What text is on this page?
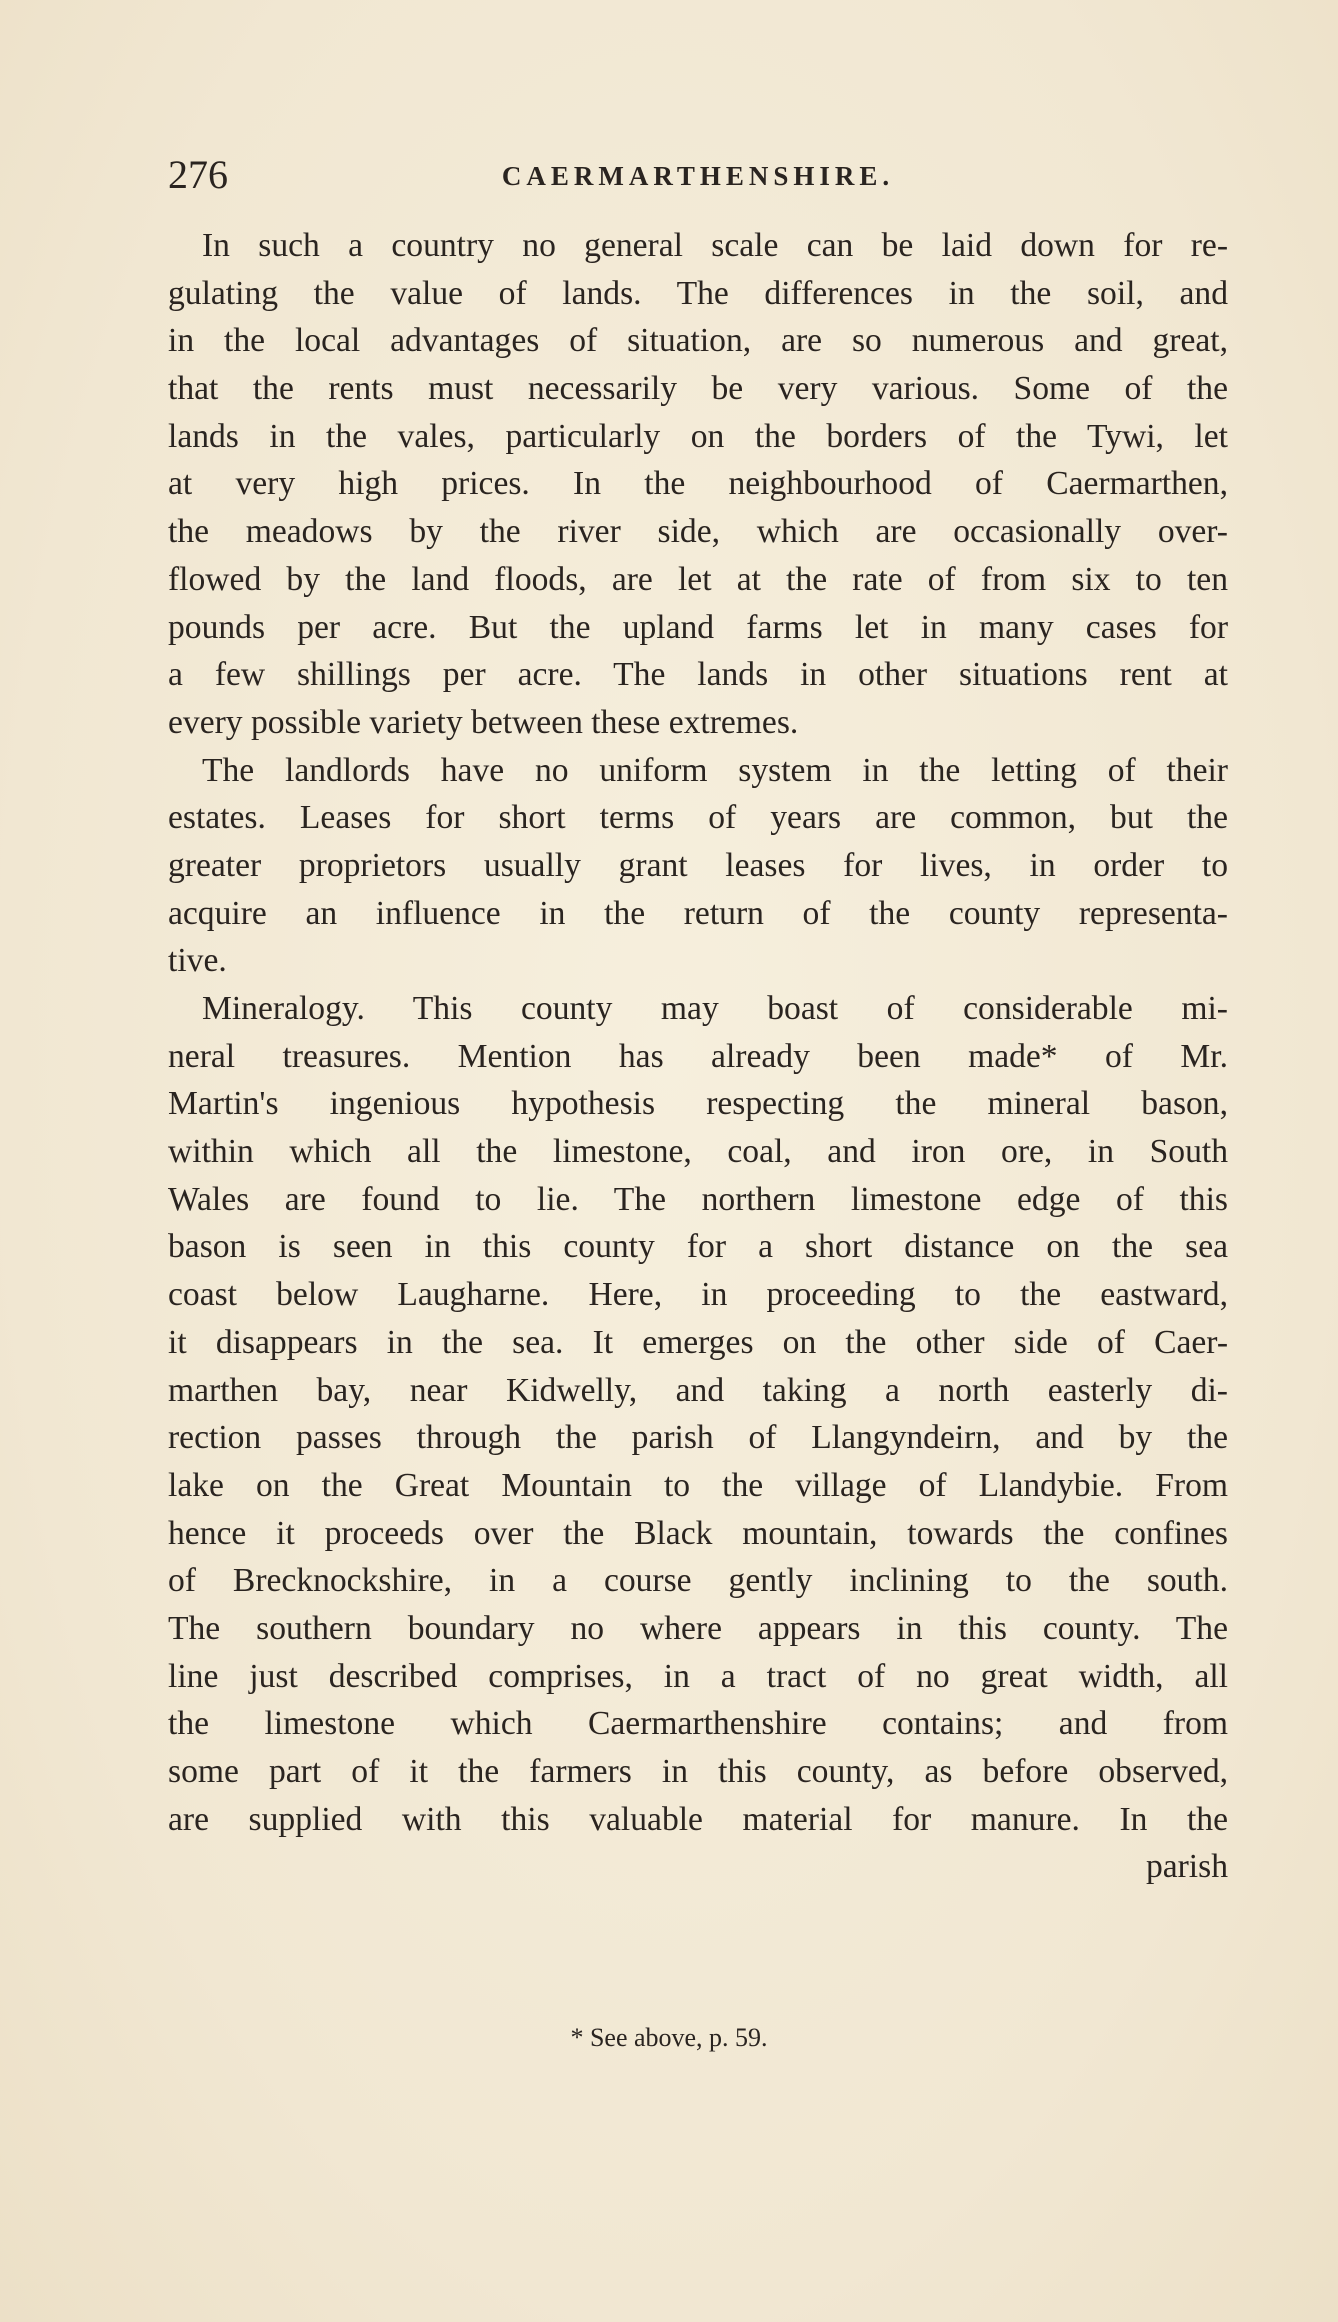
276	CAERMARTHENSHIRE.
In such a country no general scale can be laid down for re-
gulating the value of lands. The differences in the soil, and
in the local advantages of situation, are so numerous and great,
that the rents must necessarily be very various. Some of the
lands in the vales, particularly on the borders of the Tywi, let
at very high prices. In the neighbourhood of Caermarthen,
the meadows by the river side, which are occasionally over-
flowed by the land floods, are let at the rate of from six to ten
pounds per acre. But the upland farms let in many cases for
a few shillings per acre. The lands in other situations rent at
every possible variety between these extremes.
The landlords have no uniform system in the letting of their
estates. Leases for short terms of years are common, but the
greater proprietors usually grant leases for lives, in order to
acquire an influence in the return of the county representa-
tive.
Mineralogy. This county may boast of considerable mi-
neral treasures. Mention has already been made* of Mr.
Martin's ingenious hypothesis respecting the mineral bason,
within which all the limestone, coal, and iron ore, in South
Wales are found to lie. The northern limestone edge of this
bason is seen in this county for a short distance on the sea
coast below Laugharne. Here, in proceeding to the eastward,
it disappears in the sea. It emerges on the other side of Caer-
marthen bay, near Kidwelly, and taking a north easterly di-
rection passes through the parish of Llangyndeirn, and by the
lake on the Great Mountain to the village of Llandybie. From
hence it proceeds over the Black mountain, towards the confines
of Brecknockshire, in a course gently inclining to the south.
The southern boundary no where appears in this county. The
line just described comprises, in a tract of no great width, all
the limestone which Caermarthenshire contains; and from
some part of it the farmers in this county, as before observed,
are supplied with this valuable material for manure. In the
parish
* See above, p. 59.
